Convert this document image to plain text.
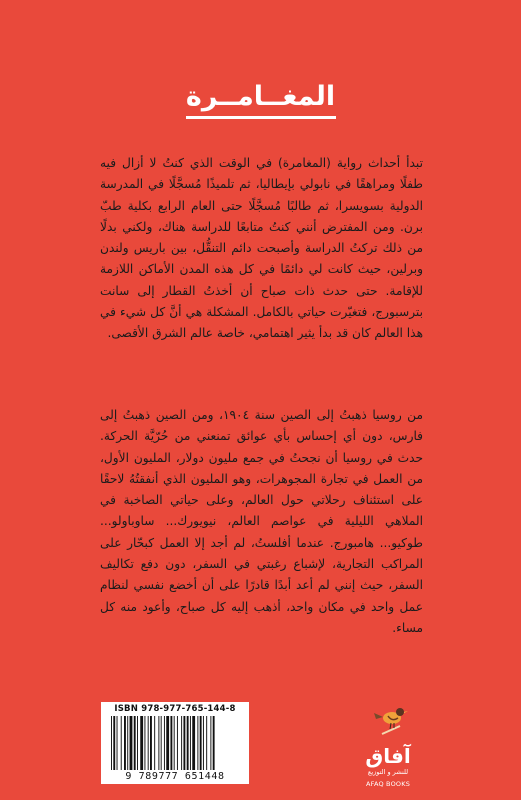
المغــامــرة
تبدأ أحداث رواية (المغامرة) في الوقت الذي كنتُ لا أزال فيه طفلًا ومراهقًا في نابولي بإيطاليا، ثم تلميذًا مُسجَّلًا في المدرسة الدولية بسويسرا، ثم طالبًا مُسجَّلًا حتى العام الرابع بكلية طبّ برن. ومن المفترض أنني كنتُ متابعًا للدراسة هناك، ولكني بدلًا من ذلك تركتُ الدراسة وأصبحت دائم التنقُّل، بين باريس ولندن وبرلين، حيث كانت لي دائمًا في كل هذه المدن الأماكن اللازمة للإقامة. حتى حدث ذات صباح أن أخذتُ القطار إلى سانت بترسبورج، فتغيّرت حياتي بالكامل. المشكلة هي أنَّ كل شيء في هذا العالم كان قد بدأ يثير اهتمامي، خاصة عالم الشرق الأقصى.
من روسيا ذهبتُ إلى الصين سنة ١٩٠٤، ومن الصين ذهبتُ إلى فارس، دون أي إحساس بأي عوائق تمنعني من حُرّيَّة الحركة. حدث في روسيا أن نجحتُ في جمع مليون دولار، المليون الأول، من العمل في تجارة المجوهرات، وهو المليون الذي أنفقتُهُ لاحقًا على استئناف رحلاتي حول العالم، وعلى حياتي الصاخبة في الملاهي الليلية في عواصم العالم، نيويورك... ساوباولو... طوكيو... هامبورج. عندما أفلستُ، لم أجد إلا العمل كبحّار على المراكب التجارية، لإشباع رغبتي في السفر، دون دفع تكاليف السفر، حيث إنني لم أعد أبدًا قادرًا على أن أخضع نفسي لنظام عمل واحد في مكان واحد، أذهب إليه كل صباح، وأعود منه كل مساء.
ISBN 978-977-765-144-8
9 789777 651448
آفاق
للنشر و التوزيع
AFAQ BOOKS
